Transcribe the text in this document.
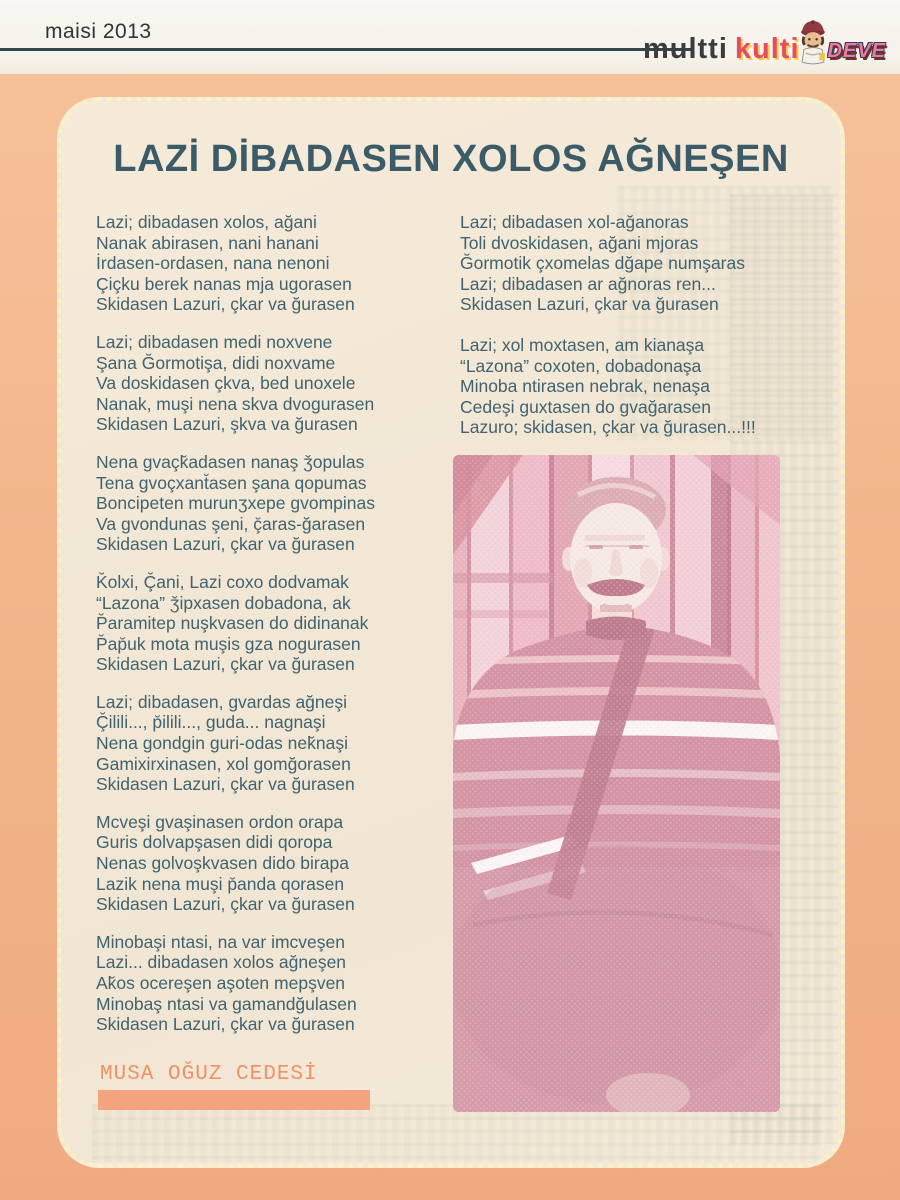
maisi 2013
multti kulti DEVE
LAZİ DİBADASEN XOLOS AĞNEŞEN
Lazi; dibadasen xolos, ağani
Nanak abirasen, nani hanani
İrdasen-ordasen, nana nenoni
Çiçku berek nanas mja ugorasen
Skidasen Lazuri, çkar va ğurasen
Lazi; dibadasen medi noxvene
Şana Ğormotişa, didi noxvame
Va doskidasen çkva, bed unoxele
Nanak, muşi nena skva dvogurasen
Skidasen Lazuri, şkva va ğurasen
Nena gvaçk̆adasen nanaş ǯopulas
Tena gvoçxant̆asen şana qopumas
Boncipeten murunʒxepe gvompinas
Va gvondunas şeni, ç̆aras-ğarasen
Skidasen Lazuri, çkar va ğurasen
K̆olxi, Ç̆ani, Lazi coxo dodvamak
“Lazona” ǯipxasen dobadona, ak
P̆aramitep nuşkvasen do didinanak
P̆ap̆uk mota muşis gza nogurasen
Skidasen Lazuri, çkar va ğurasen
Lazi; dibadasen, gvardas ağneşi
Ç̆ilili..., p̆ilili..., guda... nagnaşi
Nena gondgin guri-odas nek̆naşi
Gamixirxinasen, xol gomğorasen
Skidasen Lazuri, çkar va ğurasen
Mcveşi gvaşinasen ordon orapa
Guris dolvapşasen didi qoropa
Nenas golvoşkvasen dido birapa
Lazik nena muşi p̆anda qorasen
Skidasen Lazuri, çkar va ğurasen
Minobaşi ntasi, na var imcveşen
Lazi... dibadasen xolos ağneşen
Ak̆os ocereşen aşoten mepşven
Minobaş ntasi va gamandğulasen
Skidasen Lazuri, çkar va ğurasen
Lazi; dibadasen xol-ağanoras
Toli dvoskidasen, ağani mjoras
Ğormotik çxomelas dğape numşaras
Lazi; dibadasen ar ağnoras ren...
Skidasen Lazuri, çkar va ğurasen
Lazi; xol moxtasen, am kianaşa
“Lazona” coxoten, dobadonaşa
Minoba ntirasen nebrak, nenaşa
Cedeşi guxtasen do gvağarasen
Lazuro; skidasen, çkar va ğurasen...!!!
MUSA OĞUZ CEDESİ
